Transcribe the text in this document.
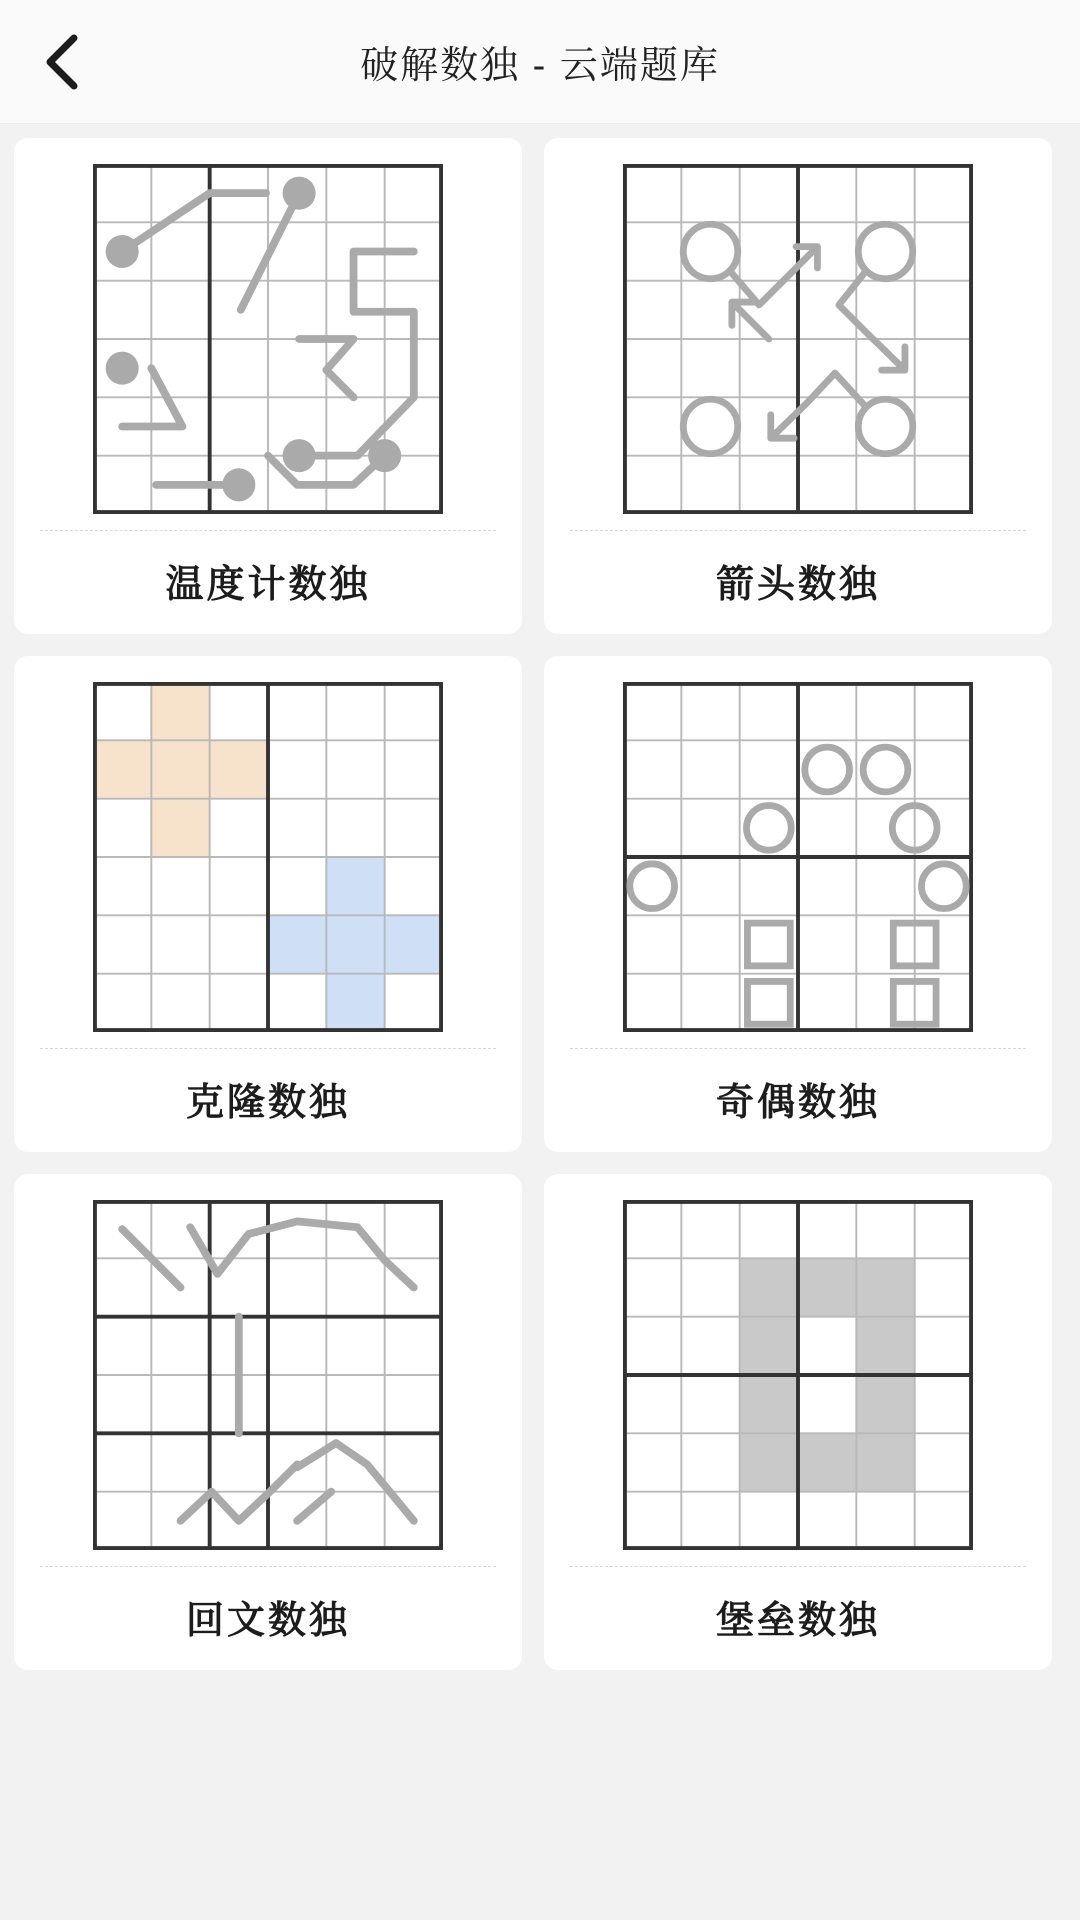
破解数独 - 云端题库
温度计数独	箭头数独
克隆数独	奇偶数独
回文数独	堡垒数独
